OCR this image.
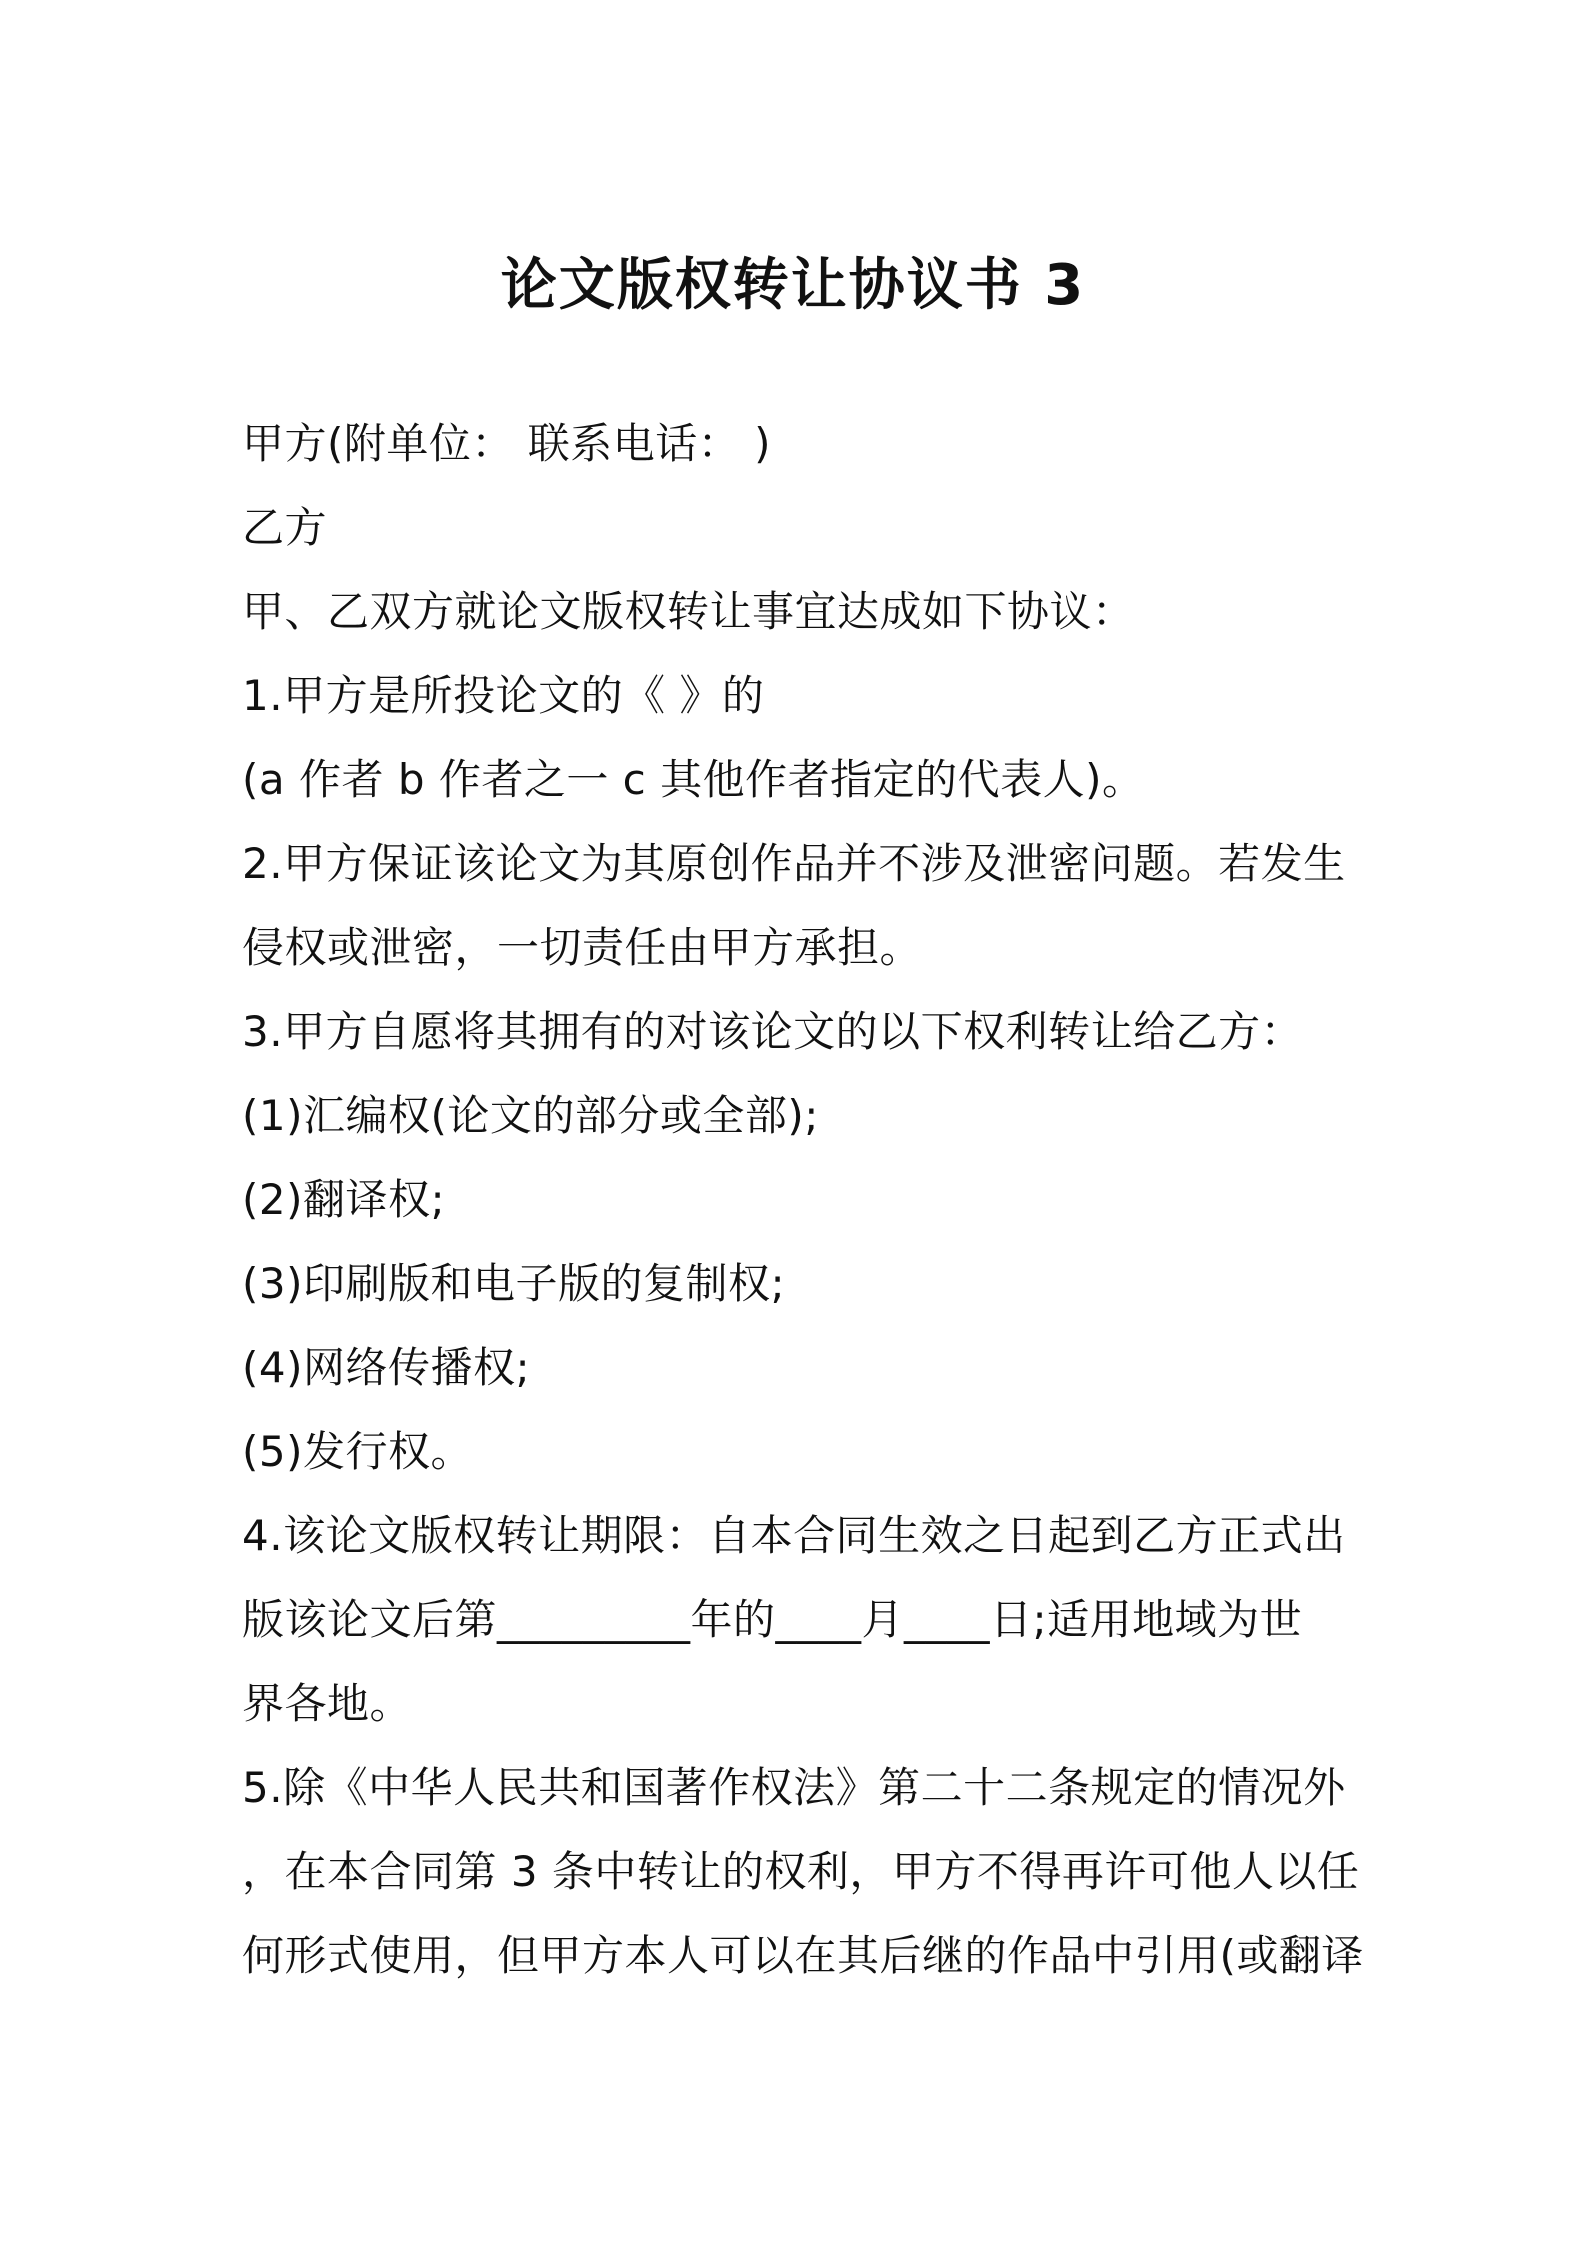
论文版权转让协议书 3
甲方(附单位： 联系电话： )
乙方
甲、乙双方就论文版权转让事宜达成如下协议：
1.甲方是所投论文的《 》的
(a 作者 b 作者之一 c 其他作者指定的代表人)。
2.甲方保证该论文为其原创作品并不涉及泄密问题。若发生
侵权或泄密，一切责任由甲方承担。
3.甲方自愿将其拥有的对该论文的以下权利转让给乙方：
(1)汇编权(论文的部分或全部);
(2)翻译权;
(3)印刷版和电子版的复制权;
(4)网络传播权;
(5)发行权。
4.该论文版权转让期限：自本合同生效之日起到乙方正式出
版该论文后第_________年的____月____日;适用地域为世
界各地。
5.除《中华人民共和国著作权法》第二十二条规定的情况外
，在本合同第 3 条中转让的权利，甲方不得再许可他人以任
何形式使用，但甲方本人可以在其后继的作品中引用(或翻译
